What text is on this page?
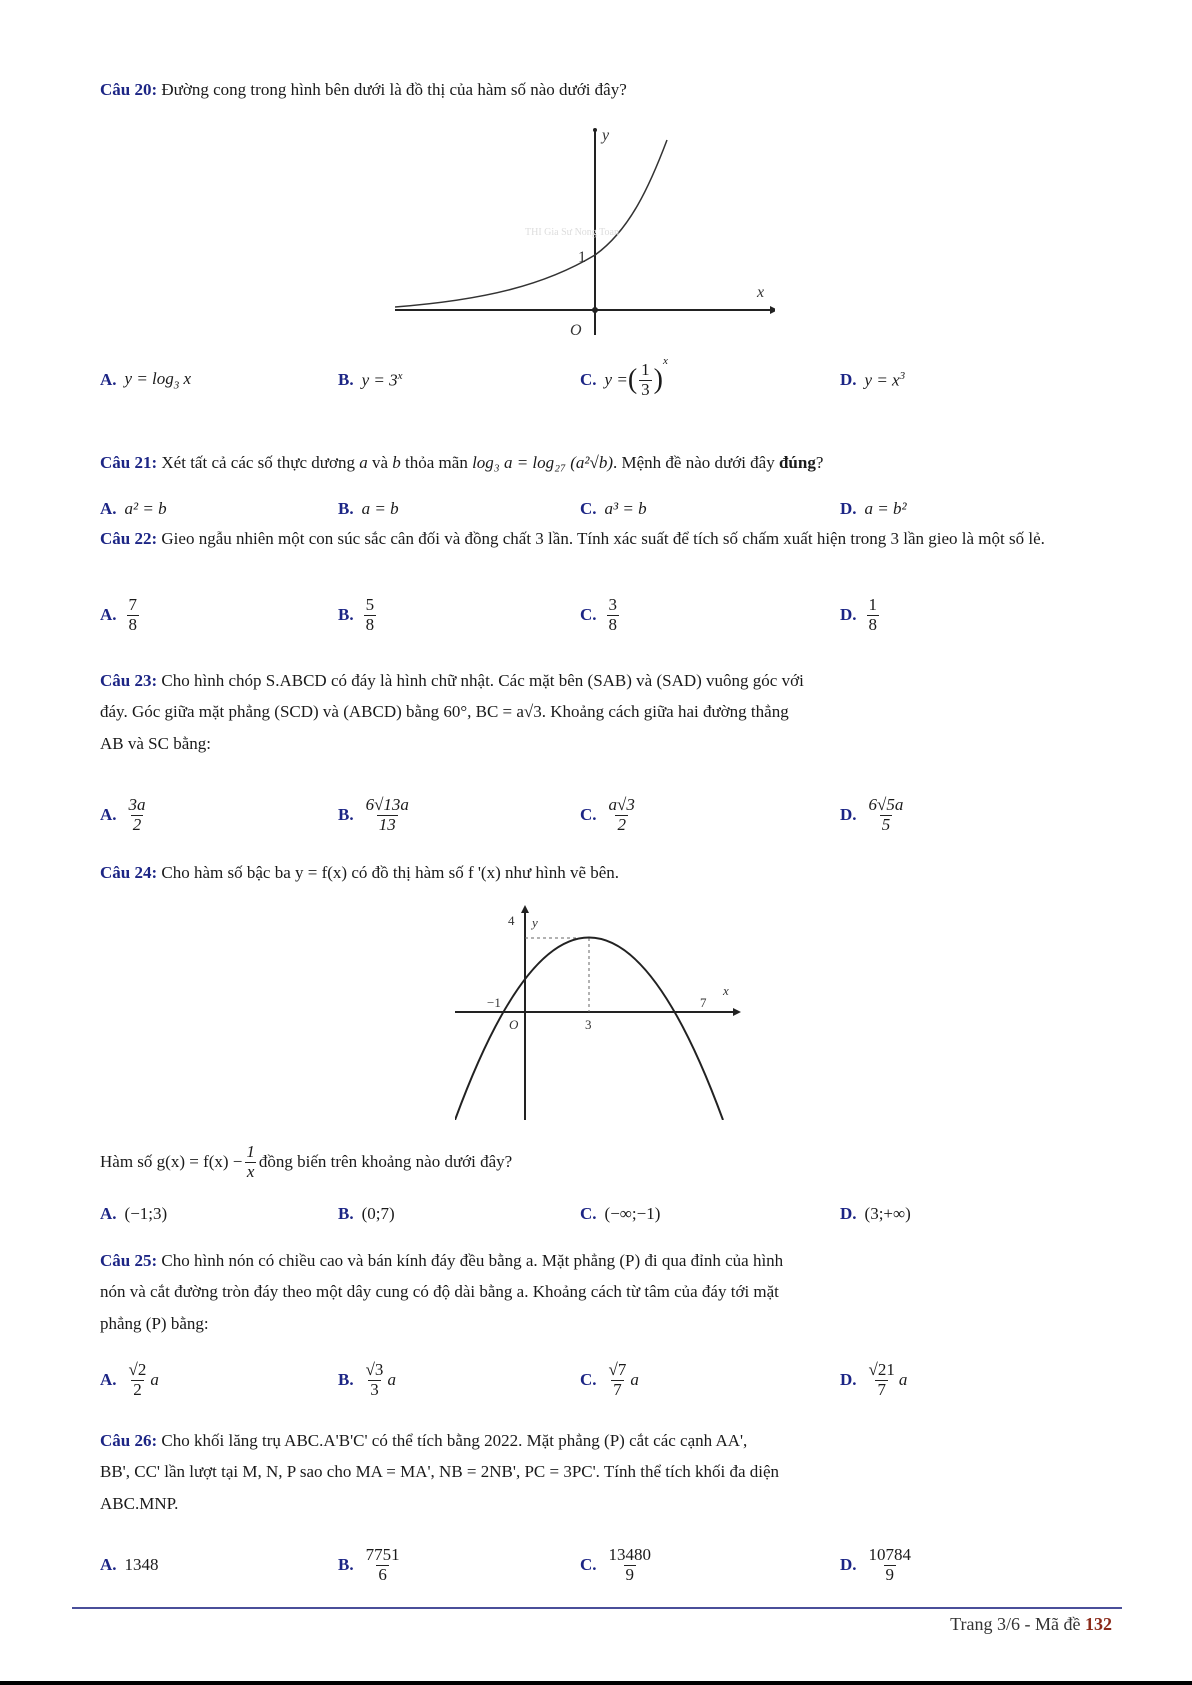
Câu 20: Đường cong trong hình bên dưới là đồ thị của hàm số nào dưới đây?
y
x
O
1
THI Gia Sư Nong Toan
A. $y = \log_3 x$	B. $y = 3^x$	C. y = ( $\frac{1}{3}$ )
$^x$
D. $y = x^3$
Câu 21: Xét tất cả các số thực dương a và b thỏa mãn log₃ a = log₂₇ (a²√b). Mệnh đề nào dưới đây đúng?
A. a² = b	B. a = b	C. a³ = b	D. a = b²
Câu 22: Gieo ngẫu nhiên một con súc sắc cân đối và đồng chất 3 lần. Tính xác suất để tích số chấm xuất hiện trong 3 lần gieo là một số lẻ.
A. $\frac{7}{8}$	B. $\frac{5}{8}$	C. $\frac{3}{8}$	D. $\frac{1}{8}$
Câu 23: Cho hình chóp S.ABCD có đáy là hình chữ nhật. Các mặt bên (SAB) và (SAD) vuông góc với
đáy. Góc giữa mặt phẳng (SCD) và (ABCD) bằng 60°, BC = a√3. Khoảng cách giữa hai đường thẳng
AB và SC bằng:
A. $\frac{3a}{2}$	B. $\frac{6√13a}{13}$	C. $\frac{a√3}{2}$	D. $\frac{6√5a}{5}$
Câu 24: Cho hàm số bậc ba y = f(x) có đồ thị hàm số f '(x) như hình vẽ bên.
4 y
−1
O	3
7
x
Hàm số $g(x) = f(x) - \frac{1}{x}$ đồng biến trên khoảng nào dưới đây?
A. (−1;3)	B. (0;7)	C. (−∞;−1)	D. (3;+∞)
Câu 25: Cho hình nón có chiều cao và bán kính đáy đều bằng a. Mặt phẳng (P) đi qua đỉnh của hình
nón và cắt đường tròn đáy theo một dây cung có độ dài bằng a. Khoảng cách từ tâm của đáy tới mặt
phẳng (P) bằng:
A. $\frac{√2}{2}$ a	B. $\frac{√3}{3}$ a	C. $\frac{√7}{7}$ a	D. $\frac{√21}{7}$ a
Câu 26: Cho khối lăng trụ ABC.A'B'C' có thể tích bằng 2022. Mặt phẳng (P) cắt các cạnh AA',
BB', CC' lần lượt tại M, N, P sao cho MA = MA', NB = 2NB', PC = 3PC'. Tính thể tích khối đa diện
ABC.MNP.
A. 1348	B. $\frac{7751}{6}$	C. $\frac{13480}{9}$	D. $\frac{10784}{9}$
Trang 3/6 - Mã đề 132
